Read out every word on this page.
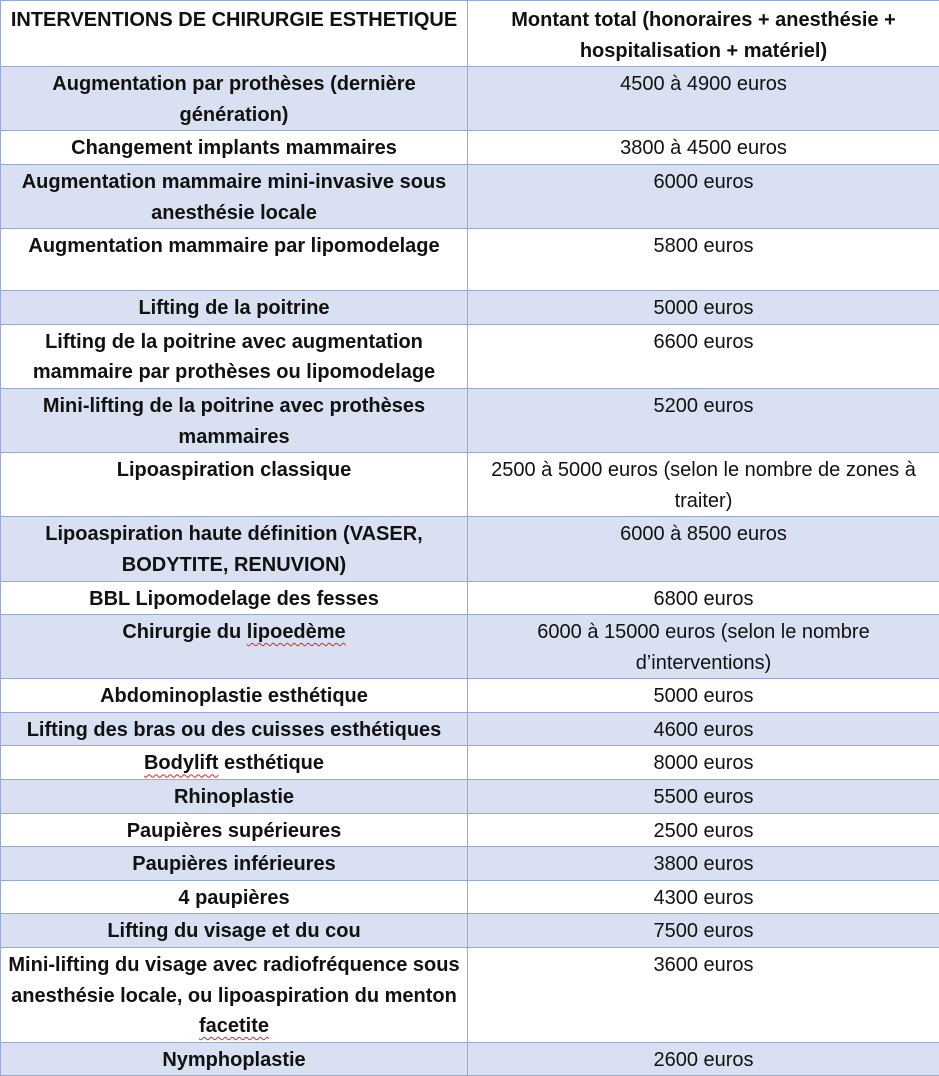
INTERVENTIONS DE CHIRURGIE ESTHETIQUE	Montant total (honoraires + anesthésie + hospitalisation + matériel)
Augmentation par prothèses (dernière génération)	4500 à 4900 euros
Changement implants mammaires	3800 à 4500 euros
Augmentation mammaire mini-invasive sous anesthésie locale	6000 euros
Augmentation mammaire par lipomodelage	5800 euros
Lifting de la poitrine	5000 euros
Lifting de la poitrine avec augmentation mammaire par prothèses ou lipomodelage	6600 euros
Mini-lifting de la poitrine avec prothèses mammaires	5200 euros
Lipoaspiration classique	2500 à 5000 euros (selon le nombre de zones à traiter)
Lipoaspiration haute définition (VASER, BODYTITE, RENUVION)	6000 à 8500 euros
BBL Lipomodelage des fesses	6800 euros
Chirurgie du lipoedème	6000 à 15000 euros (selon le nombre d’interventions)
Abdominoplastie esthétique	5000 euros
Lifting des bras ou des cuisses esthétiques	4600 euros
Bodylift esthétique	8000 euros
Rhinoplastie	5500 euros
Paupières supérieures	2500 euros
Paupières inférieures	3800 euros
4 paupières	4300 euros
Lifting du visage et du cou	7500 euros
Mini-lifting du visage avec radiofréquence sous anesthésie locale, ou lipoaspiration du menton facetite	3600 euros
Nymphoplastie	2600 euros
